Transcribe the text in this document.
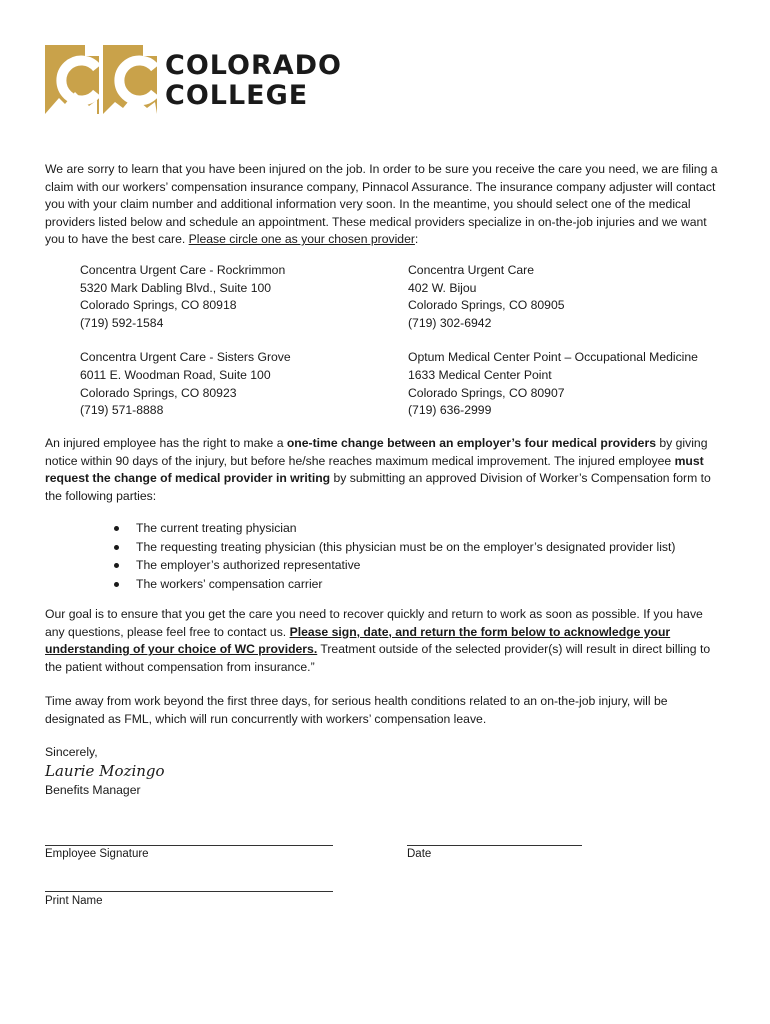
COLORADO
COLLEGE

We are sorry to learn that you have been injured on the job. In order to be sure you receive the care you need, we are filing a claim with our workers’ compensation insurance company, Pinnacol Assurance. The insurance company adjuster will contact you with your claim number and additional information very soon. In the meantime, you should select one of the medical providers listed below and schedule an appointment. These medical providers specialize in on-the-job injuries and we want you to have the best care. Please circle one as your chosen provider:

Concentra Urgent Care - Rockrimmon
5320 Mark Dabling Blvd., Suite 100
Colorado Springs, CO 80918
(719) 592-1584
Concentra Urgent Care
402 W. Bijou
Colorado Springs, CO 80905
(719) 302-6942
Concentra Urgent Care - Sisters Grove
6011 E. Woodman Road, Suite 100
Colorado Springs, CO 80923
(719) 571-8888
Optum Medical Center Point – Occupational Medicine
1633 Medical Center Point
Colorado Springs, CO 80907
(719) 636-2999

An injured employee has the right to make a one-time change between an employer’s four medical providers by giving notice within 90 days of the injury, but before he/she reaches maximum medical improvement. The injured employee must request the change of medical provider in writing by submitting an approved Division of Worker’s Compensation form to the following parties:

The current treating physician
The requesting treating physician (this physician must be on the employer’s designated provider list)
The employer’s authorized representative
The workers’ compensation carrier

Our goal is to ensure that you get the care you need to recover quickly and return to work as soon as possible. If you have any questions, please feel free to contact us. Please sign, date, and return the form below to acknowledge your understanding of your choice of WC providers. Treatment outside of the selected provider(s) will result in direct billing to the patient without compensation from insurance.”

Time away from work beyond the first three days, for serious health conditions related to an on-the-job injury, will be designated as FML, which will run concurrently with workers’ compensation leave.

Sincerely,
Laurie Mozingo
Benefits Manager
Employee Signature	Date
Print Name
